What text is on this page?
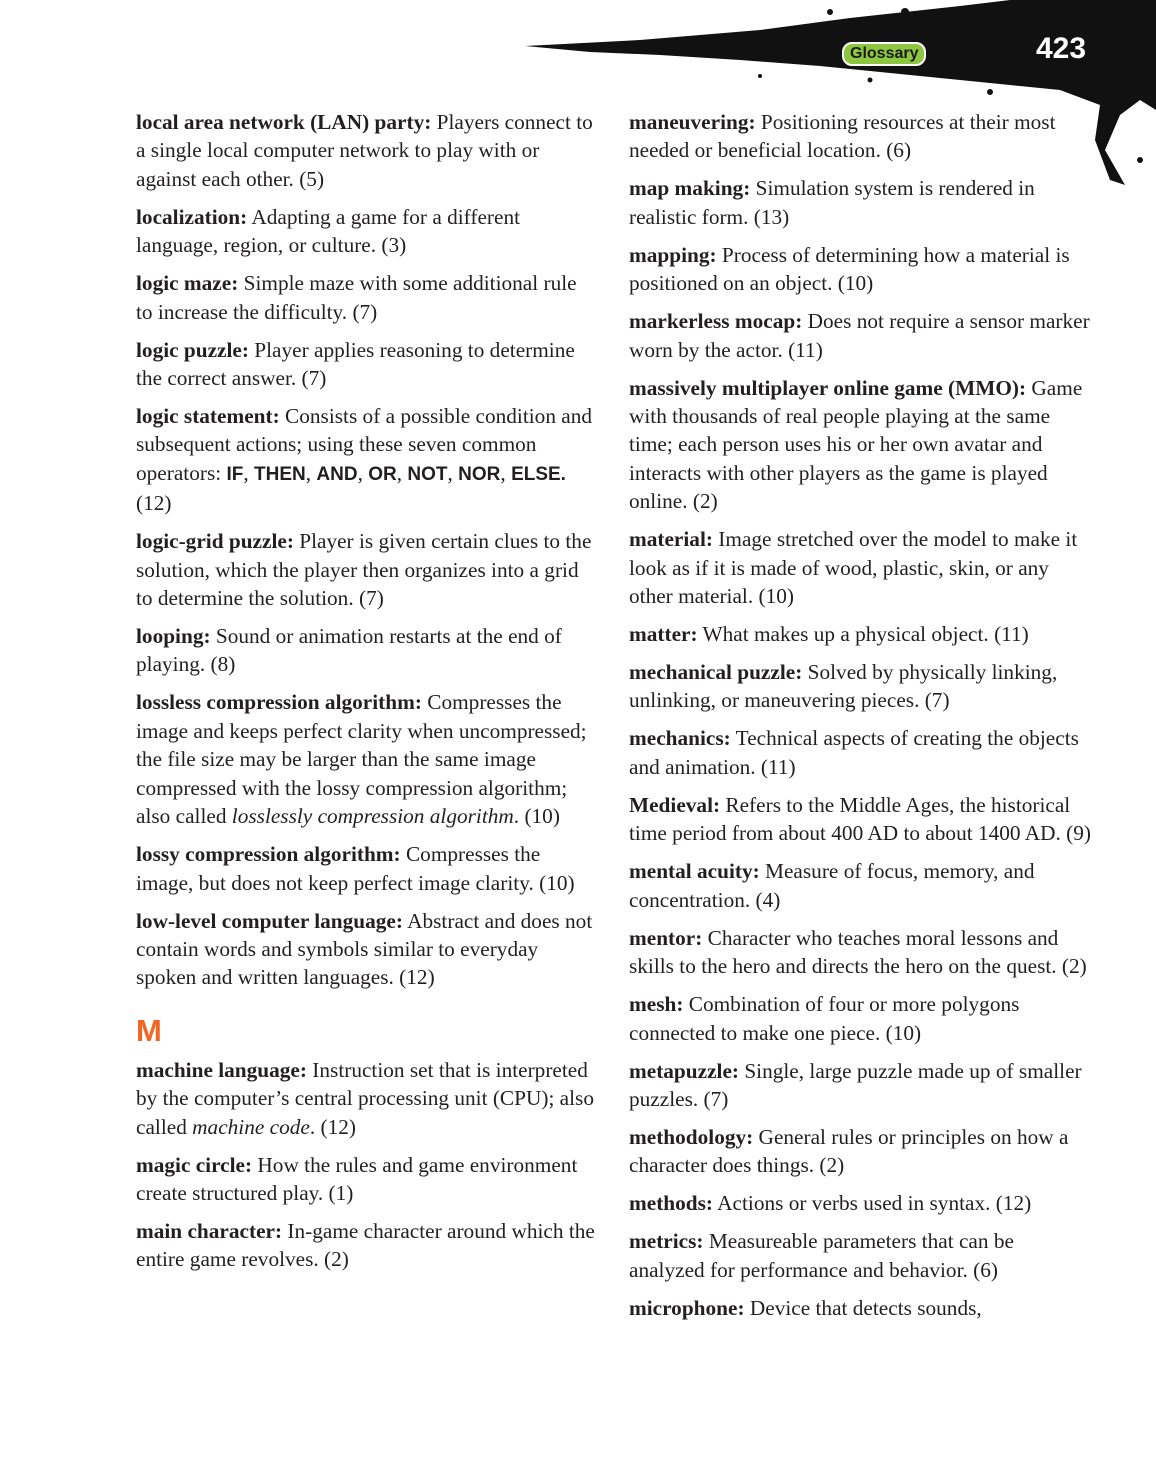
Glossary	423
local area network (LAN) party: Players connect to a single local computer network to play with or against each other. (5)
localization: Adapting a game for a different language, region, or culture. (3)
logic maze: Simple maze with some additional rule to increase the difficulty. (7)
logic puzzle: Player applies reasoning to determine the correct answer. (7)
logic statement: Consists of a possible condition and subsequent actions; using these seven common operators: IF, THEN, AND, OR, NOT, NOR, ELSE. (12)
logic-grid puzzle: Player is given certain clues to the solution, which the player then organizes into a grid to determine the solution. (7)
looping: Sound or animation restarts at the end of playing. (8)
lossless compression algorithm: Compresses the image and keeps perfect clarity when uncompressed; the file size may be larger than the same image compressed with the lossy compression algorithm; also called losslessly compression algorithm. (10)
lossy compression algorithm: Compresses the image, but does not keep perfect image clarity. (10)
low-level computer language: Abstract and does not contain words and symbols similar to everyday spoken and written languages. (12)
M
machine language: Instruction set that is interpreted by the computer’s central processing unit (CPU); also called machine code. (12)
magic circle: How the rules and game environment create structured play. (1)
main character: In-game character around which the entire game revolves. (2)
maneuvering: Positioning resources at their most needed or beneficial location. (6)
map making: Simulation system is rendered in realistic form. (13)
mapping: Process of determining how a material is positioned on an object. (10)
markerless mocap: Does not require a sensor marker worn by the actor. (11)
massively multiplayer online game (MMO): Game with thousands of real people playing at the same time; each person uses his or her own avatar and interacts with other players as the game is played online. (2)
material: Image stretched over the model to make it look as if it is made of wood, plastic, skin, or any other material. (10)
matter: What makes up a physical object. (11)
mechanical puzzle: Solved by physically linking, unlinking, or maneuvering pieces. (7)
mechanics: Technical aspects of creating the objects and animation. (11)
Medieval: Refers to the Middle Ages, the historical time period from about 400 AD to about 1400 AD. (9)
mental acuity: Measure of focus, memory, and concentration. (4)
mentor: Character who teaches moral lessons and skills to the hero and directs the hero on the quest. (2)
mesh: Combination of four or more polygons connected to make one piece. (10)
metapuzzle: Single, large puzzle made up of smaller puzzles. (7)
methodology: General rules or principles on how a character does things. (2)
methods: Actions or verbs used in syntax. (12)
metrics: Measureable parameters that can be analyzed for performance and behavior. (6)
microphone: Device that detects sounds,
